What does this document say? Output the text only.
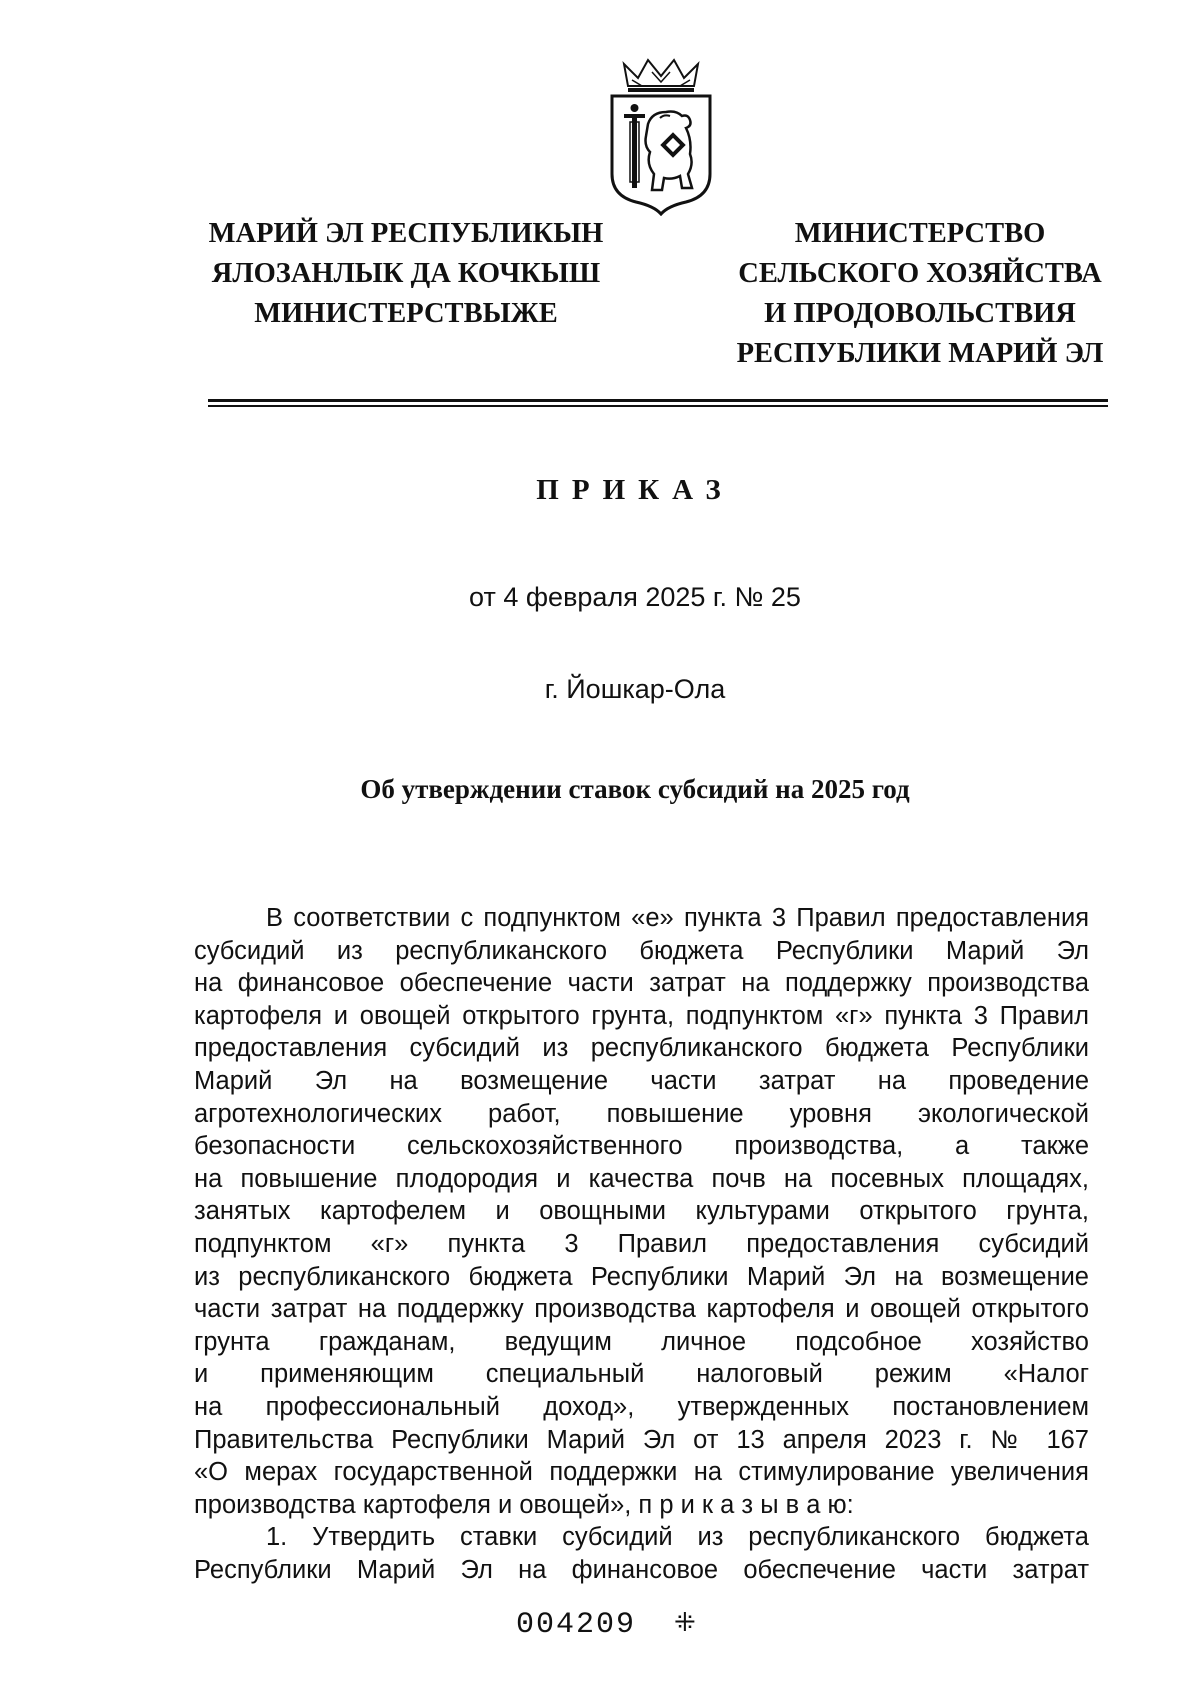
МАРИЙ ЭЛ РЕСПУБЛИКЫН
ЯЛОЗАНЛЫК ДА КОЧКЫШ
МИНИСТЕРСТВЫЖЕ
МИНИСТЕРСТВО
СЕЛЬСКОГО ХОЗЯЙСТВА
И ПРОДОВОЛЬСТВИЯ
РЕСПУБЛИКИ МАРИЙ ЭЛ
ПРИКАЗ
от 4 февраля 2025 г. № 25
г. Йошкар-Ола
Об утверждении ставок субсидий на 2025 год
В соответствии с подпунктом «е» пункта 3 Правил предоставления
субсидий из республиканского бюджета Республики Марий Эл
на финансовое обеспечение части затрат на поддержку производства
картофеля и овощей открытого грунта, подпунктом «г» пункта 3 Правил
предоставления субсидий из республиканского бюджета Республики
Марий Эл на возмещение части затрат на проведение
агротехнологических работ, повышение уровня экологической
безопасности сельскохозяйственного производства, а также
на повышение плодородия и качества почв на посевных площадях,
занятых картофелем и овощными культурами открытого грунта,
подпунктом «г» пункта 3 Правил предоставления субсидий
из республиканского бюджета Республики Марий Эл на возмещение
части затрат на поддержку производства картофеля и овощей открытого
грунта гражданам, ведущим личное подсобное хозяйство
и применяющим специальный налоговый режим «Налог
на профессиональный доход», утвержденных постановлением
Правительства Республики Марий Эл от 13 апреля 2023 г. № 167
«О мерах государственной поддержки на стимулирование увеличения
производства картофеля и овощей», п р и к а з ы в а ю:
1. Утвердить ставки субсидий из республиканского бюджета
Республики Марий Эл на финансовое обеспечение части затрат
004209 ⁜
